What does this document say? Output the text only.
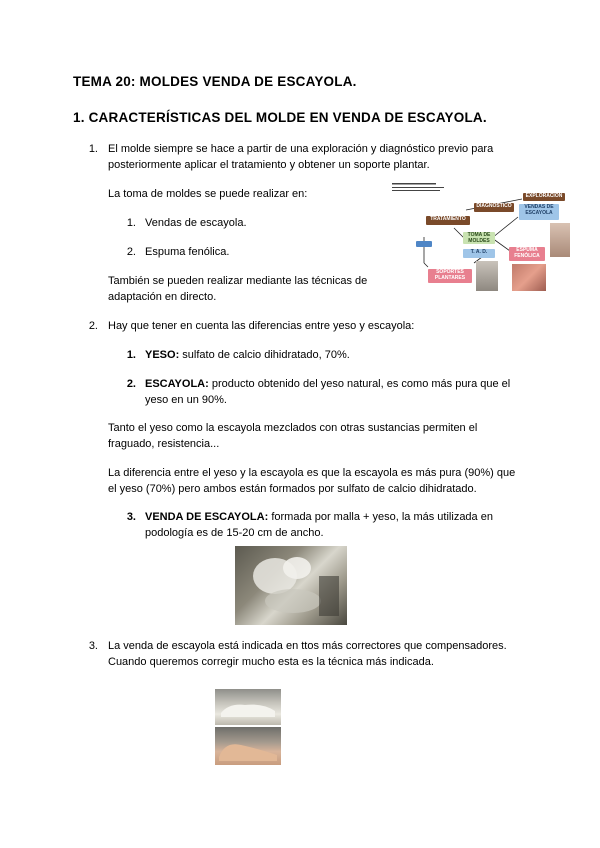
TEMA 20: MOLDES VENDA DE ESCAYOLA.
1. CARACTERÍSTICAS DEL MOLDE EN VENDA DE ESCAYOLA.
1. El molde siempre se hace a partir de una exploración y diagnóstico previo para
posteriormente aplicar el tratamiento y obtener un soporte plantar.
La toma de moldes se puede realizar en:
1. Vendas de escayola.
2. Espuma fenólica.
También se pueden realizar mediante las técnicas de
adaptación en directo.
EXPLORACIÓN
DIAGNÓSTICO
TRATAMIENTO
VENDAS DE ESCAYOLA
TOMA DE MOLDES
T. A. D.	ESPUMA FENÓLICA
SOPORTES PLANTARES
2. Hay que tener en cuenta las diferencias entre yeso y escayola:
1. YESO: sulfato de calcio dihidratado, 70%.
2. ESCAYOLA: producto obtenido del yeso natural, es como más pura que el
yeso en un 90%.
Tanto el yeso como la escayola mezclados con otras sustancias permiten el
fraguado, resistencia...
La diferencia entre el yeso y la escayola es que la escayola es más pura (90%) que
el yeso (70%) pero ambos están formados por sulfato de calcio dihidratado.
3. VENDA DE ESCAYOLA: formada por malla + yeso, la más utilizada en
podología es de 15-20 cm de ancho.
3. La venda de escayola está indicada en ttos más correctores que compensadores.
Cuando queremos corregir mucho esta es la técnica más indicada.
